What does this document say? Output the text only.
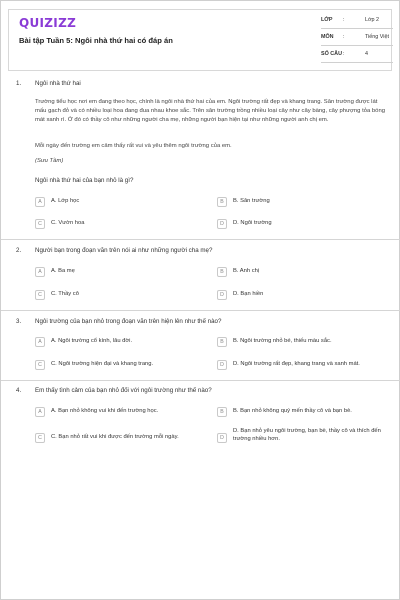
QUIZIZZ
Bài tập Tuần 5: Ngôi nhà thứ hai có đáp án
LỚP :	Lớp 2
MÔN :	Tiếng Việt
SỐ CÂU :	4
1. Ngôi nhà thứ hai

Trường tiểu học nơi em đang theo học, chính là ngôi nhà thứ hai của em. Ngôi trường rất đẹp và khang trang. Sân trường được lát mấu gạch đỏ và có nhiều loại hoa đang đua nhau khoe sắc. Trên sân trường trồng nhiều loại cây như cây bàng, cây phượng tỏa bóng mát xanh rì. Ở đó có thầy cô như những người cha mẹ, những người bạn hiện tại như những người anh chị em.

Mỗi ngày đến trường em cảm thấy rất vui và yêu thêm ngôi trường của em.

(Sưu Tầm)

Ngôi nhà thứ hai của bạn nhỏ là gì?
A	A. Lớp học	B	B. Sân trường
C	C. Vườn hoa	D	D. Ngôi trường
2. Người bạn trong đoạn văn trên nói ai như những người cha mẹ?
A	A. Ba mẹ	B	B. Anh chị
C	C. Thầy cô	D	D. Bạn hiền
3. Ngôi trường của bạn nhỏ trong đoạn văn trên hiện lên như thế nào?
A	A. Ngôi trường cổ kính, lâu đời.	B	B. Ngôi trường nhỏ bé, thiếu màu sắc.
C	C. Ngôi trường hiện đại và khang trang.	D	D. Ngôi trường rất đẹp, khang trang và xanh mát.
4. Em thấy tình cảm của bạn nhỏ đối với ngôi trường như thế nào?
A	A. Bạn nhỏ không vui khi đến trường học.	B	B. Bạn nhỏ không quý mến thầy cô và bạn bè.
C	C. Bạn nhỏ rất vui khi được đến trường mỗi ngày.	D
D. Bạn nhỏ yêu ngôi trường, bạn bè, thầy cô và thích đến trường nhiều hơn.
